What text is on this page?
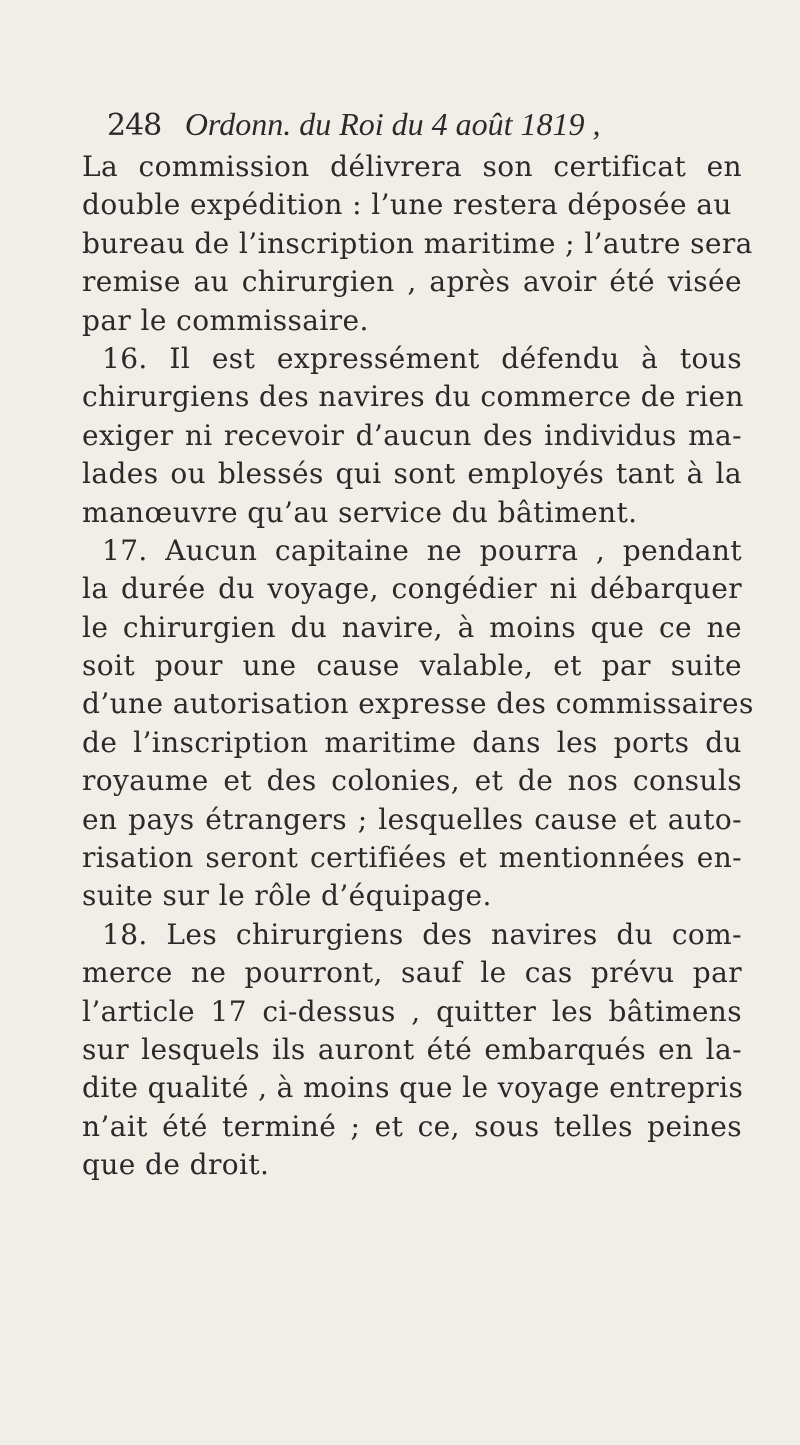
248 Ordonn. du Roi du 4 août 1819 ,
La commission délivrera son certificat en
double expédition : l’une restera déposée au
bureau de l’inscription maritime ; l’autre sera
remise au chirurgien , après avoir été visée
par le commissaire.
16. Il est expressément défendu à tous
chirurgiens des navires du commerce de rien
exiger ni recevoir d’aucun des individus ma-
lades ou blessés qui sont employés tant à la
manœuvre qu’au service du bâtiment.
17. Aucun capitaine ne pourra , pendant
la durée du voyage, congédier ni débarquer
le chirurgien du navire, à moins que ce ne
soit pour une cause valable, et par suite
d’une autorisation expresse des commissaires
de l’inscription maritime dans les ports du
royaume et des colonies, et de nos consuls
en pays étrangers ; lesquelles cause et auto-
risation seront certifiées et mentionnées en-
suite sur le rôle d’équipage.
18. Les chirurgiens des navires du com-
merce ne pourront, sauf le cas prévu par
l’article 17 ci-dessus , quitter les bâtimens
sur lesquels ils auront été embarqués en la-
dite qualité , à moins que le voyage entrepris
n’ait été terminé ; et ce, sous telles peines
que de droit.
